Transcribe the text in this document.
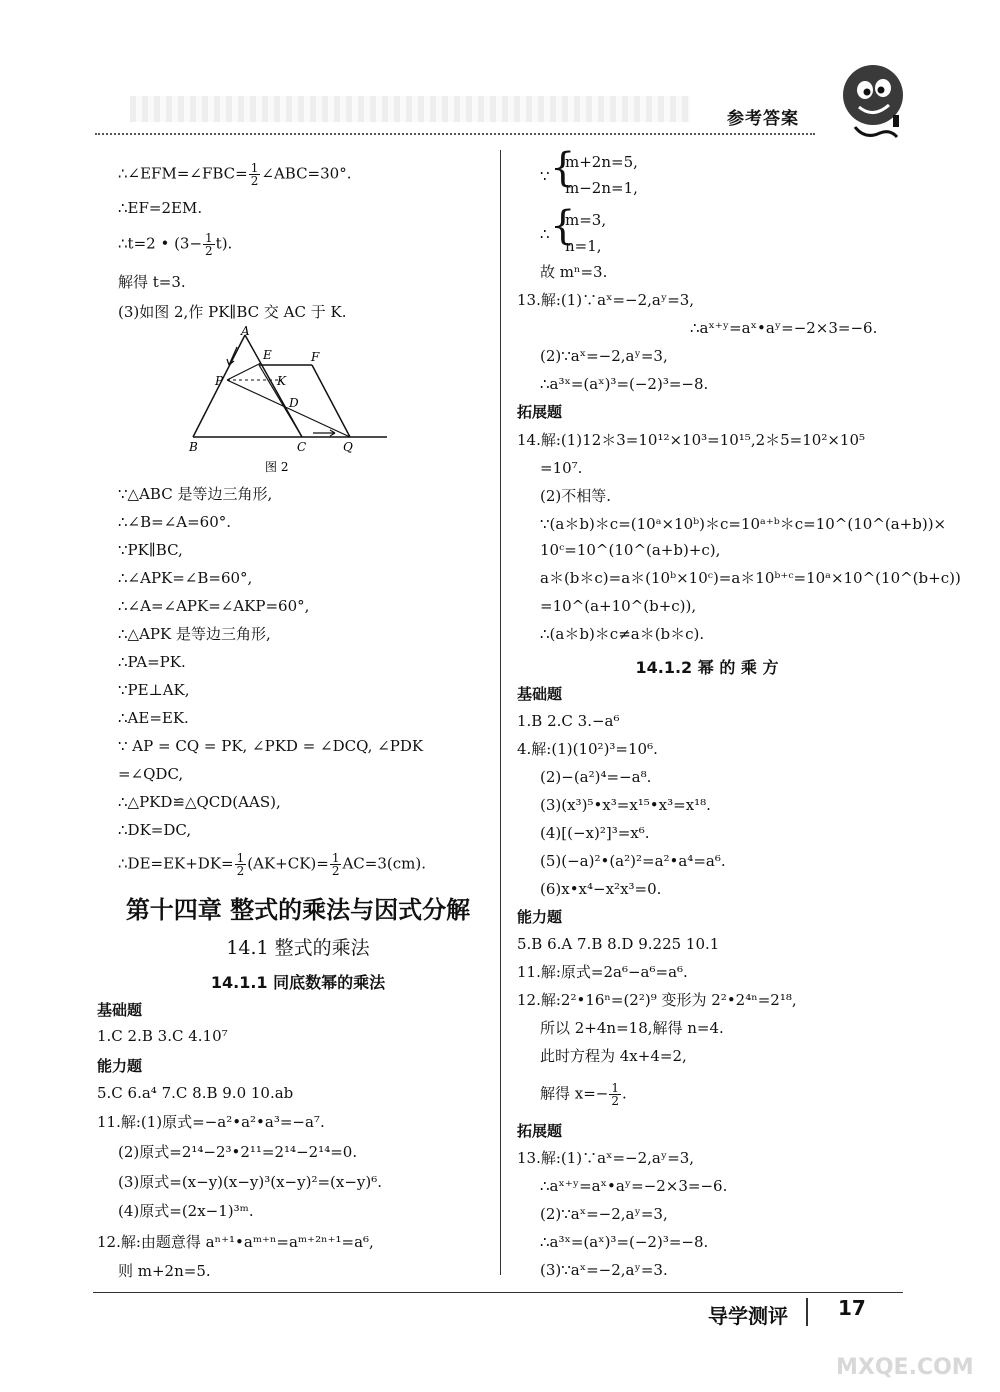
参考答案
∴∠EFM=∠FBC= $\frac{1}{2}$ ∠ABC=30°.
∴EF=2EM.
∴t=2 • $(3- \frac{1}{2} t)$.
解得 t=3.
(3)如图 2,作 PK∥BC 交 AC 于 K.
A
E	F
P	K
D
B	C	Q
图 2
∵△ABC 是等边三角形,
∴∠B=∠A=60°.
∵PK∥BC,
∴∠APK=∠B=60°,
∴∠A=∠APK=∠AKP=60°,
∴△APK 是等边三角形,
∴PA=PK.
∵PE⊥AK,
∴AE=EK.
∵ AP = CQ = PK, ∠PKD = ∠DCQ, ∠PDK
=∠QDC,
∴△PKD≌△QCD(AAS),
∴DK=DC,
∴DE=EK+DK= $\frac{1}{2} (AK+CK)= \frac{1}{2} AC=3(cm)$.
第十四章 整式的乘法与因式分解
14.1 整式的乘法
14.1.1 同底数幂的乘法
基础题
1.C 2.B 3.C 4.10⁷
能力题
5.C 6.a⁴ 7.C 8.B 9.0 10.ab
11.解:(1)原式=−a²•a²•a³=−a⁷.
(2)原式=2¹⁴−2³•2¹¹=2¹⁴−2¹⁴=0.
(3)原式=(x−y)(x−y)³(x−y)²=(x−y)⁶.
(4)原式=(2x−1)³ᵐ.
12.解:由题意得 aⁿ⁺¹•aᵐ⁺ⁿ=aᵐ⁺²ⁿ⁺¹=a⁶,
则 m+2n=5.
∵ {
m+2n=5,
m−2n=1,
∴ {
m=3,
n=1,
故 mⁿ=3.
13.解:(1)∵aˣ=−2,aʸ=3,
∴aˣ⁺ʸ=aˣ•aʸ=−2×3=−6.
(2)∵aˣ=−2,aʸ=3,
∴a³ˣ=(aˣ)³=(−2)³=−8.
拓展题
14.解:(1)12＊3=10¹²×10³=10¹⁵,2＊5=10²×10⁵
=10⁷.
(2)不相等.
∵(a＊b)＊c=(10ᵃ×10ᵇ)＊c=10ᵃ⁺ᵇ＊c=10^(10^(a+b))×
10ᶜ=10^(10^(a+b)+c),
a＊(b＊c)=a＊(10ᵇ×10ᶜ)=a＊10ᵇ⁺ᶜ=10ᵃ×10^(10^(b+c))
=10^(a+10^(b+c)),
∴(a＊b)＊c≠a＊(b＊c).
14.1.2 幂 的 乘 方
基础题
1.B 2.C 3.−a⁶
4.解:(1)(10²)³=10⁶.
(2)−(a²)⁴=−a⁸.
(3)(x³)⁵•x³=x¹⁵•x³=x¹⁸.
(4)[(−x)²]³=x⁶.
(5)(−a)²•(a²)²=a²•a⁴=a⁶.
(6)x•x⁴−x²x³=0.
能力题
5.B 6.A 7.B 8.D 9.225 10.1
11.解:原式=2a⁶−a⁶=a⁶.
12.解:2²•16ⁿ=(2²)⁹ 变形为 2²•2⁴ⁿ=2¹⁸,
所以 2+4n=18,解得 n=4.
此时方程为 4x+4=2,
解得 $x=- \frac{1}{2}$ .
拓展题
13.解:(1)∵aˣ=−2,aʸ=3,
∴aˣ⁺ʸ=aˣ•aʸ=−2×3=−6.
(2)∵aˣ=−2,aʸ=3,
∴a³ˣ=(aˣ)³=(−2)³=−8.
(3)∵aˣ=−2,aʸ=3.
导学测评	17
MXQE.COM
